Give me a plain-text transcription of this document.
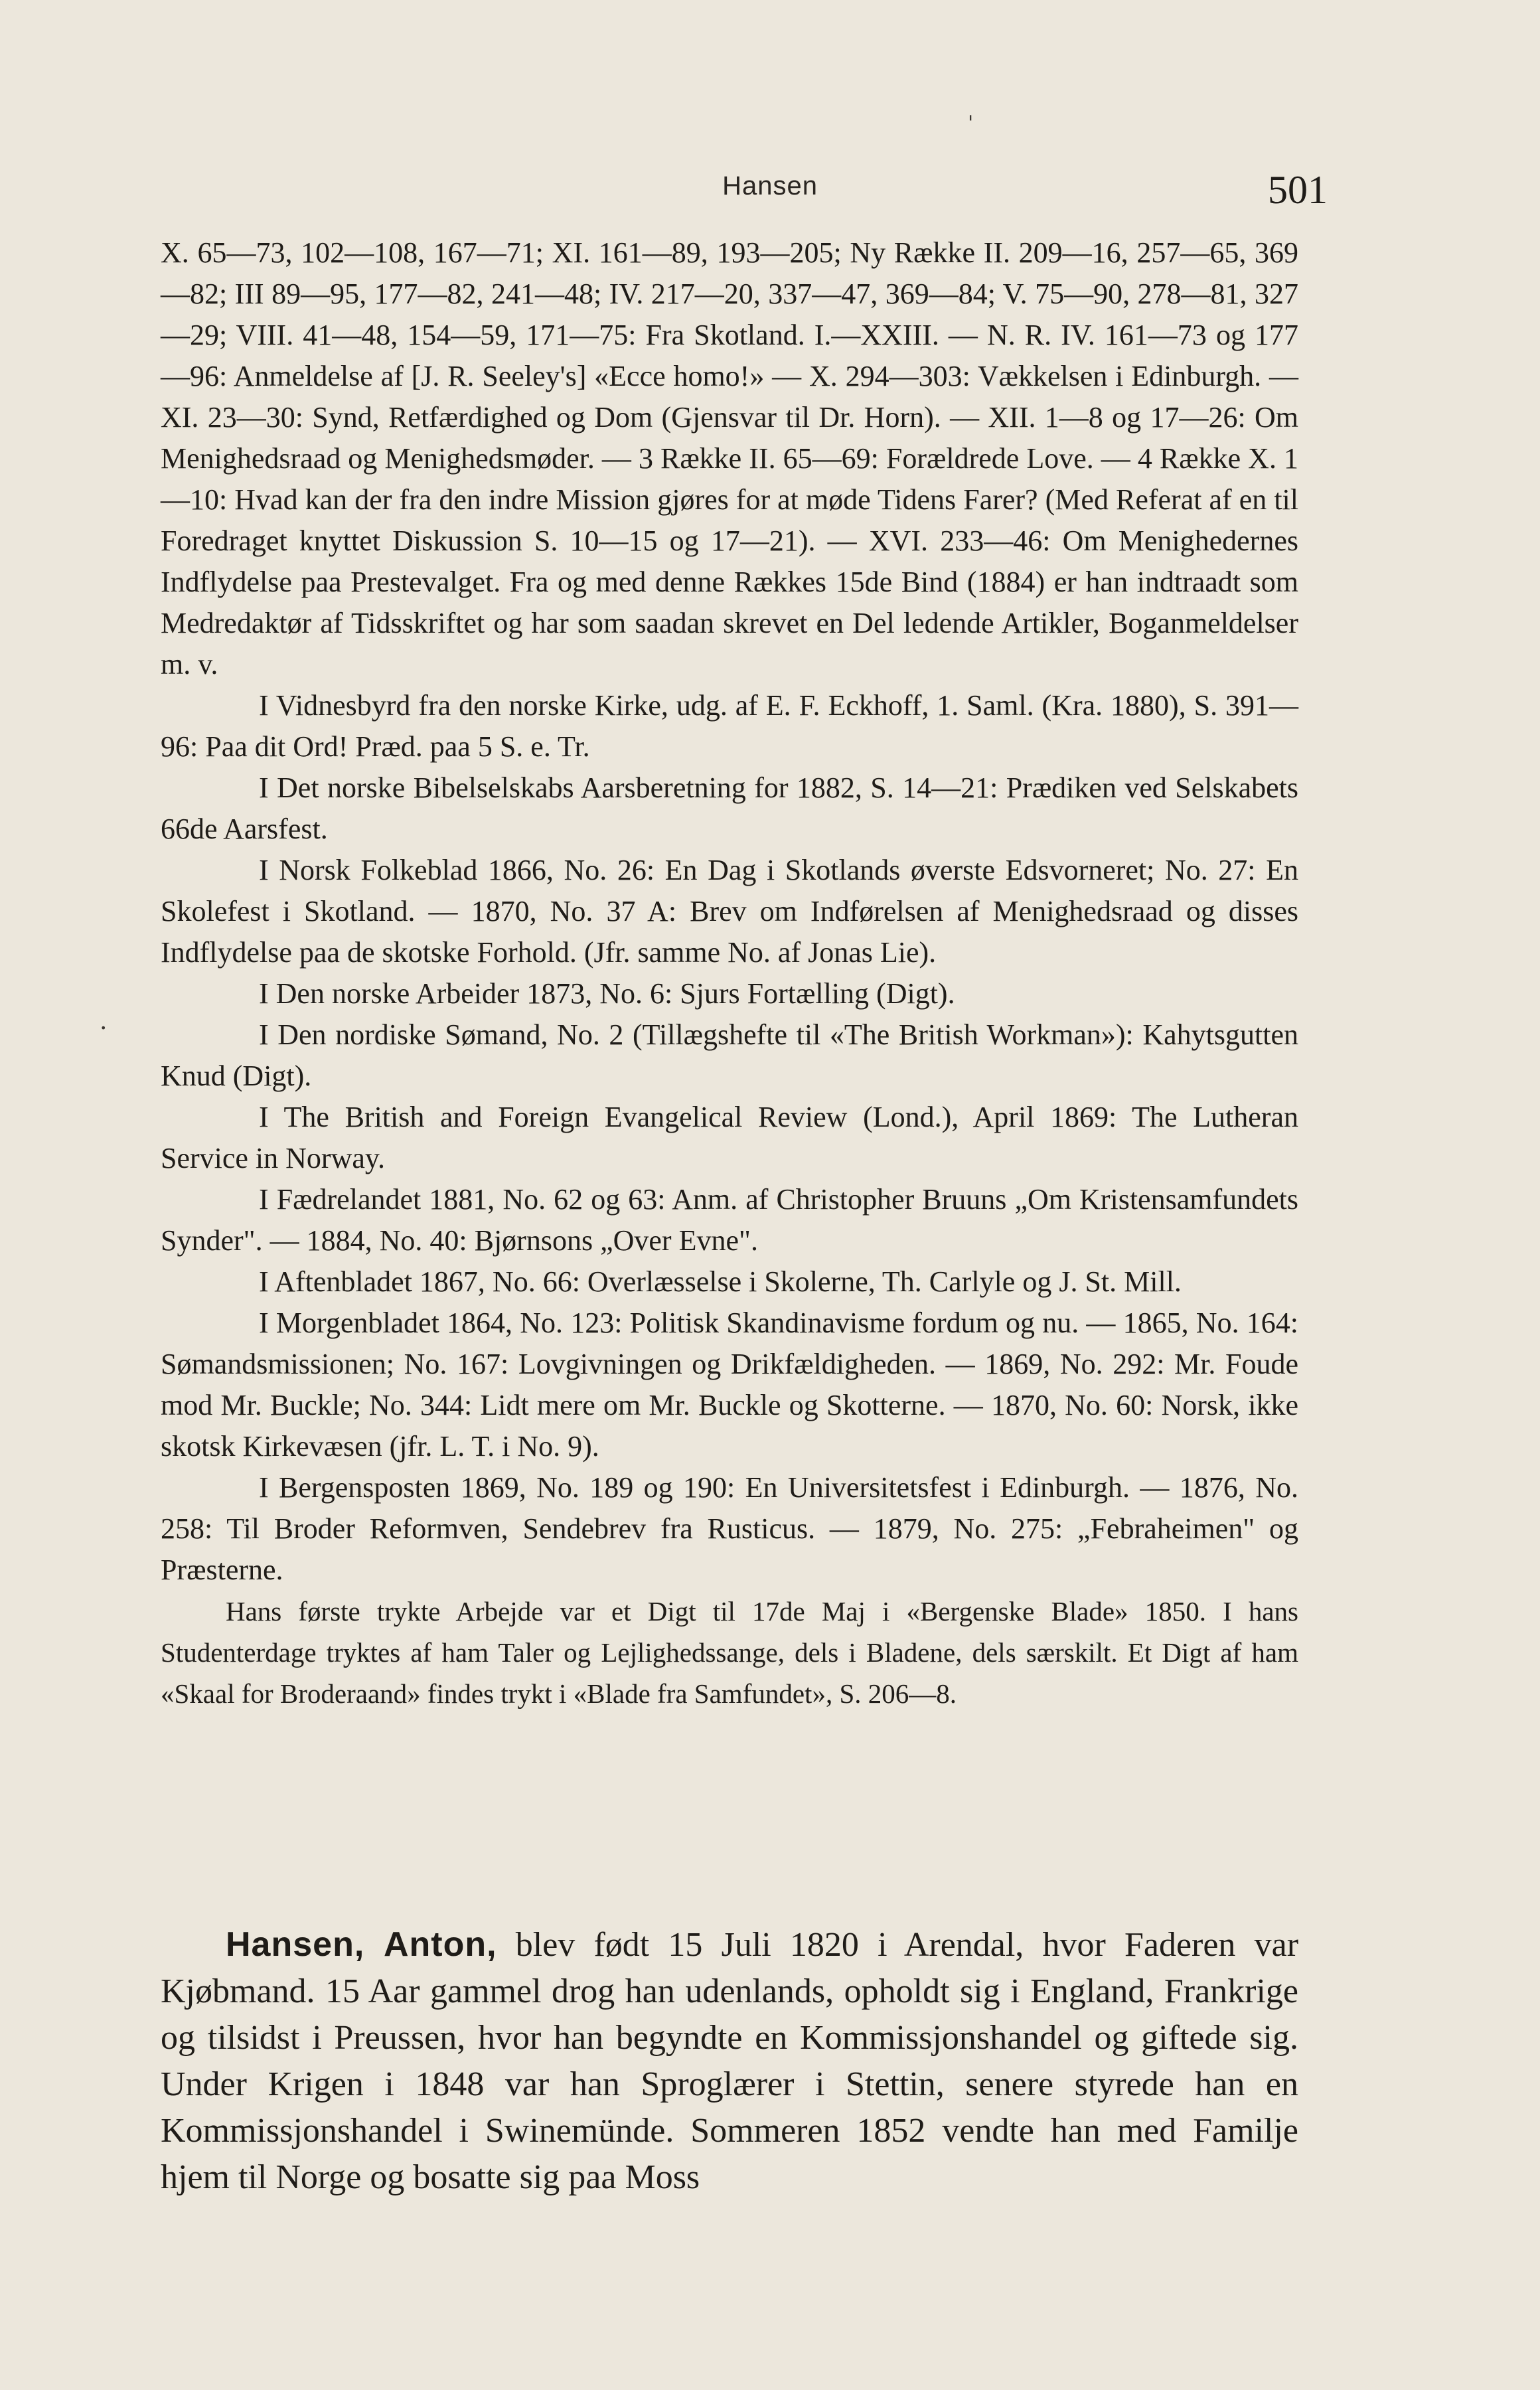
Hansen	501
'
.

X. 65—73, 102—108, 167—71; XI. 161—89, 193—205; Ny Række II. 209—16, 257—65, 369—82; III 89—95, 177—82, 241—48; IV. 217—20, 337—47, 369—84; V. 75—90, 278—81, 327—29; VIII. 41—48, 154—59, 171—75: Fra Skotland. I.—XXIII. — N. R. IV. 161—73 og 177—96: Anmeldelse af [J. R. Seeley's] «Ecce homo!» — X. 294—303: Vækkelsen i Edinburgh. — XI. 23—30: Synd, Retfærdighed og Dom (Gjensvar til Dr. Horn). — XII. 1—8 og 17—26: Om Menighedsraad og Menighedsmøder. — 3 Række II. 65—69: Forældrede Love. — 4 Række X. 1—10: Hvad kan der fra den indre Mission gjøres for at møde Tidens Farer? (Med Referat af en til Foredraget knyttet Diskussion S. 10—15 og 17—21). — XVI. 233—46: Om Menighedernes Indflydelse paa Prestevalget. Fra og med denne Rækkes 15de Bind (1884) er han indtraadt som Medredaktør af Tidsskriftet og har som saadan skrevet en Del ledende Artikler, Boganmeldelser m. v.

I Vidnesbyrd fra den norske Kirke, udg. af E. F. Eckhoff, 1. Saml. (Kra. 1880), S. 391—96: Paa dit Ord! Præd. paa 5 S. e. Tr.

I Det norske Bibelselskabs Aarsberetning for 1882, S. 14—21: Prædiken ved Selskabets 66de Aarsfest.

I Norsk Folkeblad 1866, No. 26: En Dag i Skotlands øverste Edsvorneret; No. 27: En Skolefest i Skotland. — 1870, No. 37 A: Brev om Indførelsen af Menighedsraad og disses Indflydelse paa de skotske Forhold. (Jfr. samme No. af Jonas Lie).

I Den norske Arbeider 1873, No. 6: Sjurs Fortælling (Digt).

I Den nordiske Sømand, No. 2 (Tillægshefte til «The British Workman»): Kahytsgutten Knud (Digt).

I The British and Foreign Evangelical Review (Lond.), April 1869: The Lutheran Service in Norway.

I Fædrelandet 1881, No. 62 og 63: Anm. af Christopher Bruuns „Om Kristensamfundets Synder". — 1884, No. 40: Bjørnsons „Over Evne".

I Aftenbladet 1867, No. 66: Overlæsselse i Skolerne, Th. Carlyle og J. St. Mill.

I Morgenbladet 1864, No. 123: Politisk Skandinavisme fordum og nu. — 1865, No. 164: Sømandsmissionen; No. 167: Lovgivningen og Drikfældigheden. — 1869, No. 292: Mr. Foude mod Mr. Buckle; No. 344: Lidt mere om Mr. Buckle og Skotterne. — 1870, No. 60: Norsk, ikke skotsk Kirkevæsen (jfr. L. T. i No. 9).

I Bergensposten 1869, No. 189 og 190: En Universitetsfest i Edinburgh. — 1876, No. 258: Til Broder Reformven, Sendebrev fra Rusticus. — 1879, No. 275: „Febraheimen" og Præsterne.

Hans første trykte Arbejde var et Digt til 17de Maj i «Bergenske Blade» 1850. I hans Studenterdage tryktes af ham Taler og Lejlighedssange, dels i Bladene, dels særskilt. Et Digt af ham «Skaal for Broderaand» findes trykt i «Blade fra Samfundet», S. 206—8.

Hansen, Anton, blev født 15 Juli 1820 i Arendal, hvor Faderen var Kjøbmand. 15 Aar gammel drog han udenlands, opholdt sig i England, Frankrige og tilsidst i Preussen, hvor han begyndte en Kommissjonshandel og giftede sig. Under Krigen i 1848 var han Sproglærer i Stettin, senere styrede han en Kommissjonshandel i Swinemünde. Sommeren 1852 vendte han med Familje hjem til Norge og bosatte sig paa Moss
